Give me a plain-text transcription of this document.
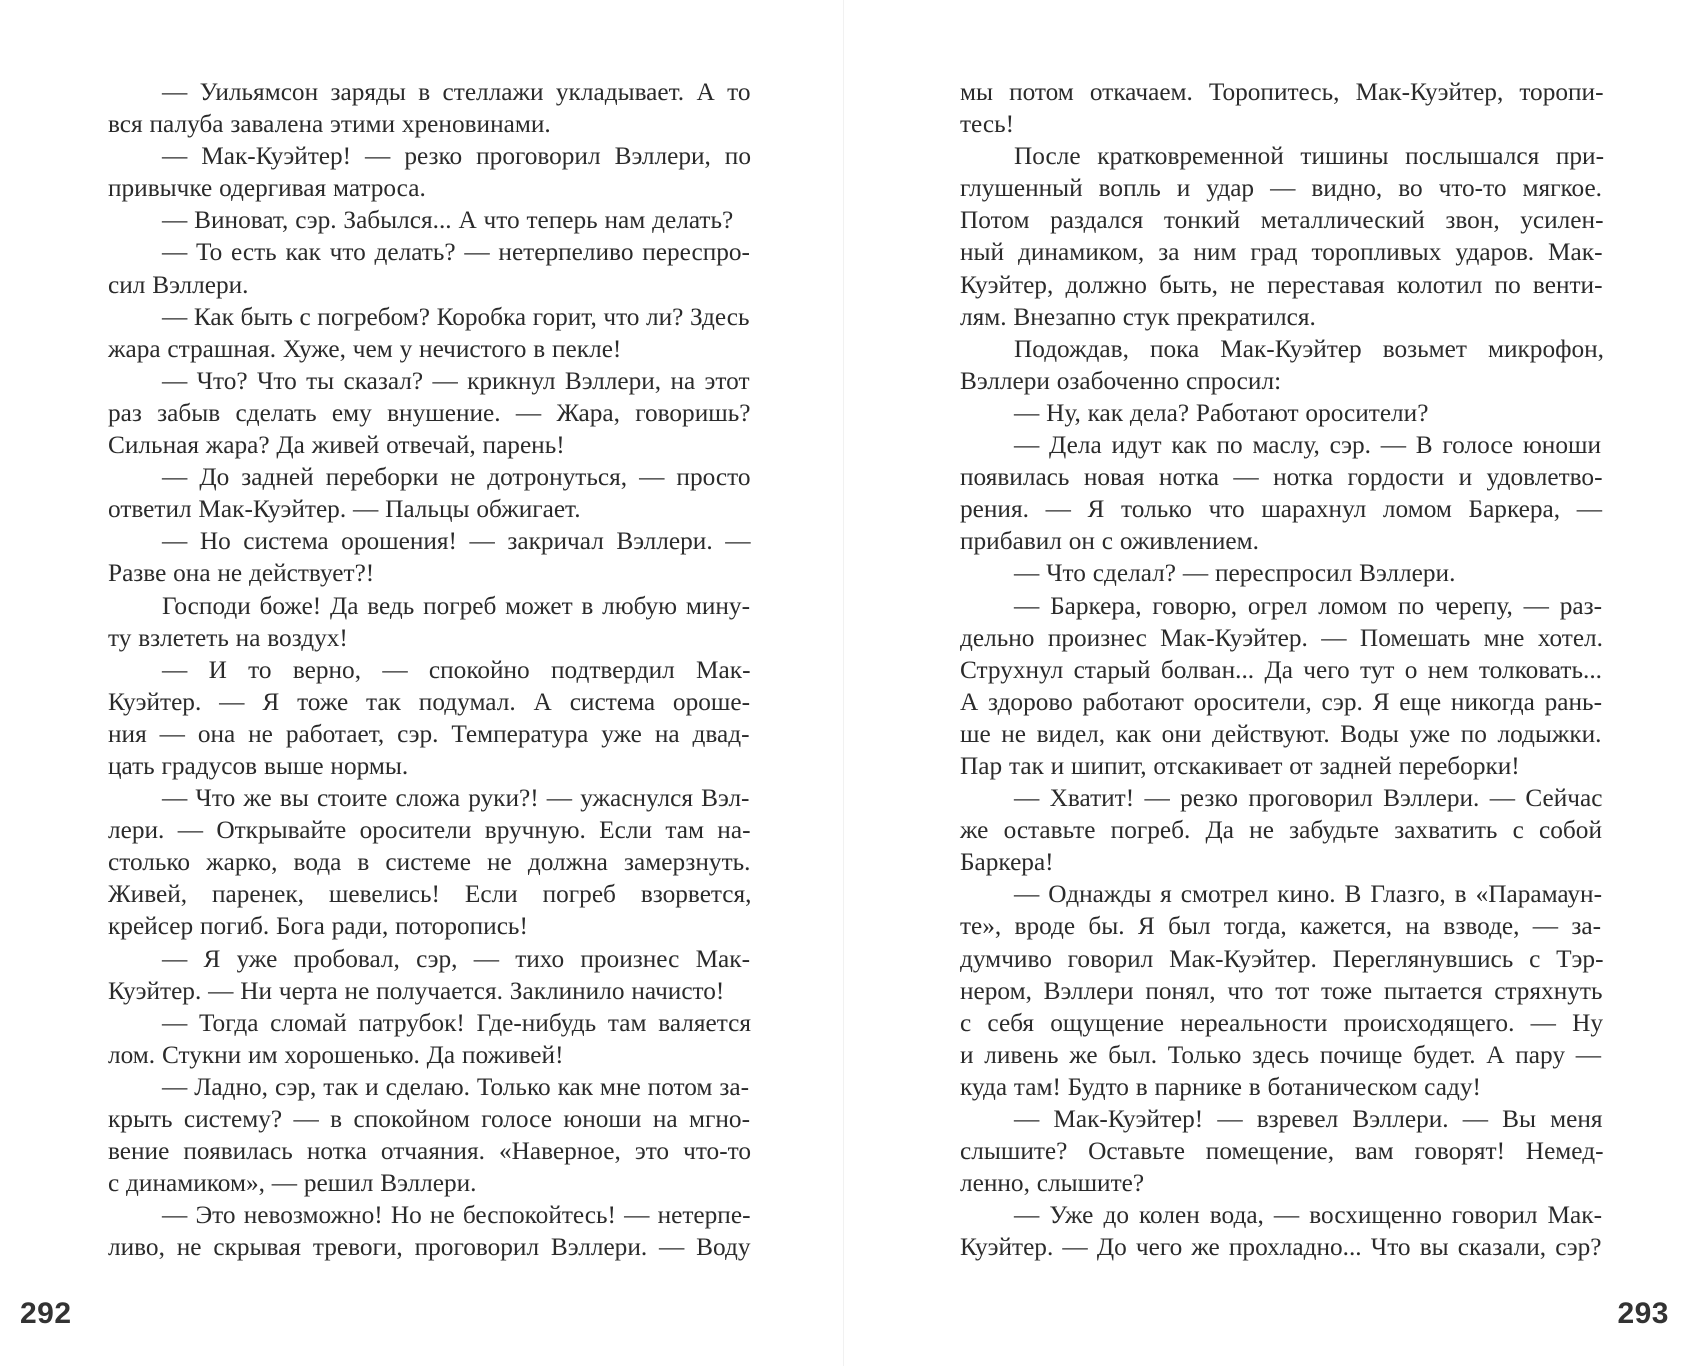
— Уильямсон заряды в стеллажи укладывает. А то
вся палуба завалена этими хреновинами.
— Мак-Куэйтер! — резко проговорил Вэллери, по
привычке одергивая матроса.
— Виноват, сэр. Забылся... А что теперь нам делать?
— То есть как что делать? — нетерпеливо переспро-
сил Вэллери.
— Как быть с погребом? Коробка горит, что ли? Здесь
жара страшная. Хуже, чем у нечистого в пекле!
— Что? Что ты сказал? — крикнул Вэллери, на этот
раз забыв сделать ему внушение. — Жара, говоришь?
Сильная жара? Да живей отвечай, парень!
— До задней переборки не дотронуться, — просто
ответил Мак-Куэйтер. — Пальцы обжигает.
— Но система орошения! — закричал Вэллери. —
Разве она не действует?!
Господи боже! Да ведь погреб может в любую мину-
ту взлететь на воздух!
— И то верно, — спокойно подтвердил Мак-
Куэйтер. — Я тоже так подумал. А система ороше-
ния — она не работает, сэр. Температура уже на двад-
цать градусов выше нормы.
— Что же вы стоите сложа руки?! — ужаснулся Вэл-
лери. — Открывайте оросители вручную. Если там на-
столько жарко, вода в системе не должна замерзнуть.
Живей, паренек, шевелись! Если погреб взорвется,
крейсер погиб. Бога ради, поторопись!
— Я уже пробовал, сэр, — тихо произнес Мак-
Куэйтер. — Ни черта не получается. Заклинило начисто!
— Тогда сломай патрубок! Где-нибудь там валяется
лом. Стукни им хорошенько. Да поживей!
— Ладно, сэр, так и сделаю. Только как мне потом за-
крыть систему? — в спокойном голосе юноши на мгно-
вение появилась нотка отчаяния. «Наверное, это что-то
с динамиком», — решил Вэллери.
— Это невозможно! Но не беспокойтесь! — нетерпе-
ливо, не скрывая тревоги, проговорил Вэллери. — Воду
292
мы потом откачаем. Торопитесь, Мак-Куэйтер, торопи-
тесь!
После кратковременной тишины послышался при-
глушенный вопль и удар — видно, во что-то мягкое.
Потом раздался тонкий металлический звон, усилен-
ный динамиком, за ним град торопливых ударов. Мак-
Куэйтер, должно быть, не переставая колотил по венти-
лям. Внезапно стук прекратился.
Подождав, пока Мак-Куэйтер возьмет микрофон,
Вэллери озабоченно спросил:
— Ну, как дела? Работают оросители?
— Дела идут как по маслу, сэр. — В голосе юноши
появилась новая нотка — нотка гордости и удовлетво-
рения. — Я только что шарахнул ломом Баркера, —
прибавил он с оживлением.
— Что сделал? — переспросил Вэллери.
— Баркера, говорю, огрел ломом по черепу, — раз-
дельно произнес Мак-Куэйтер. — Помешать мне хотел.
Струхнул старый болван... Да чего тут о нем толковать...
А здорово работают оросители, сэр. Я еще никогда рань-
ше не видел, как они действуют. Воды уже по лодыжки.
Пар так и шипит, отскакивает от задней переборки!
— Хватит! — резко проговорил Вэллери. — Сейчас
же оставьте погреб. Да не забудьте захватить с собой
Баркера!
— Однажды я смотрел кино. В Глазго, в «Парамаун-
те», вроде бы. Я был тогда, кажется, на взводе, — за-
думчиво говорил Мак-Куэйтер. Переглянувшись с Тэр-
нером, Вэллери понял, что тот тоже пытается стряхнуть
с себя ощущение нереальности происходящего. — Ну
и ливень же был. Только здесь почище будет. А пару —
куда там! Будто в парнике в ботаническом саду!
— Мак-Куэйтер! — взревел Вэллери. — Вы меня
слышите? Оставьте помещение, вам говорят! Немед-
ленно, слышите?
— Уже до колен вода, — восхищенно говорил Мак-
Куэйтер. — До чего же прохладно... Что вы сказали, сэр?
293
